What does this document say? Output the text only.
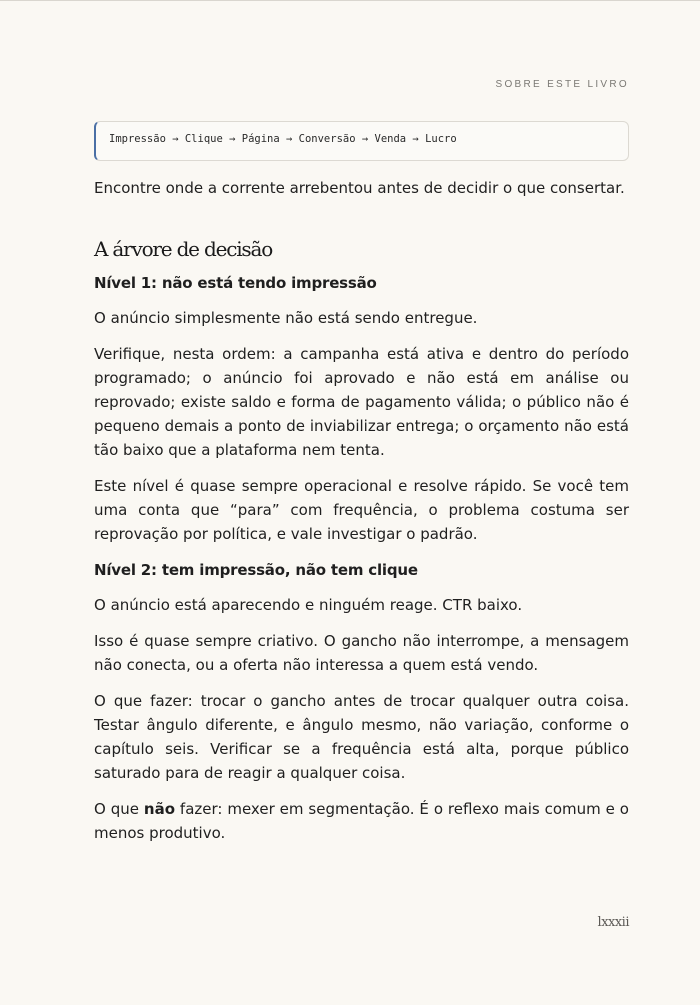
SOBRE ESTE LIVRO
Impressão → Clique → Página → Conversão → Venda → Lucro

Encontre onde a corrente arrebentou antes de decidir o que consertar.

A árvore de decisão
Nível 1: não está tendo impressão

O anúncio simplesmente não está sendo entregue.

Verifique, nesta ordem: a campanha está ativa e dentro do período programado; o anúncio foi aprovado e não está em análise ou reprovado; existe saldo e forma de pagamento válida; o público não é pequeno demais a ponto de inviabilizar entrega; o orçamento não está tão baixo que a plataforma nem tenta.

Este nível é quase sempre operacional e resolve rápido. Se você tem uma conta que “para” com frequência, o problema costuma ser reprovação por política, e vale investigar o padrão.

Nível 2: tem impressão, não tem clique

O anúncio está aparecendo e ninguém reage. CTR baixo.

Isso é quase sempre criativo. O gancho não interrompe, a mensagem não conecta, ou a oferta não interessa a quem está vendo.

O que fazer: trocar o gancho antes de trocar qualquer outra coisa. Testar ângulo diferente, e ângulo mesmo, não variação, conforme o capítulo seis. Verificar se a frequência está alta, porque público saturado para de reagir a qualquer coisa.

O que não fazer: mexer em segmentação. É o reflexo mais comum e o menos produtivo.

lxxxii
